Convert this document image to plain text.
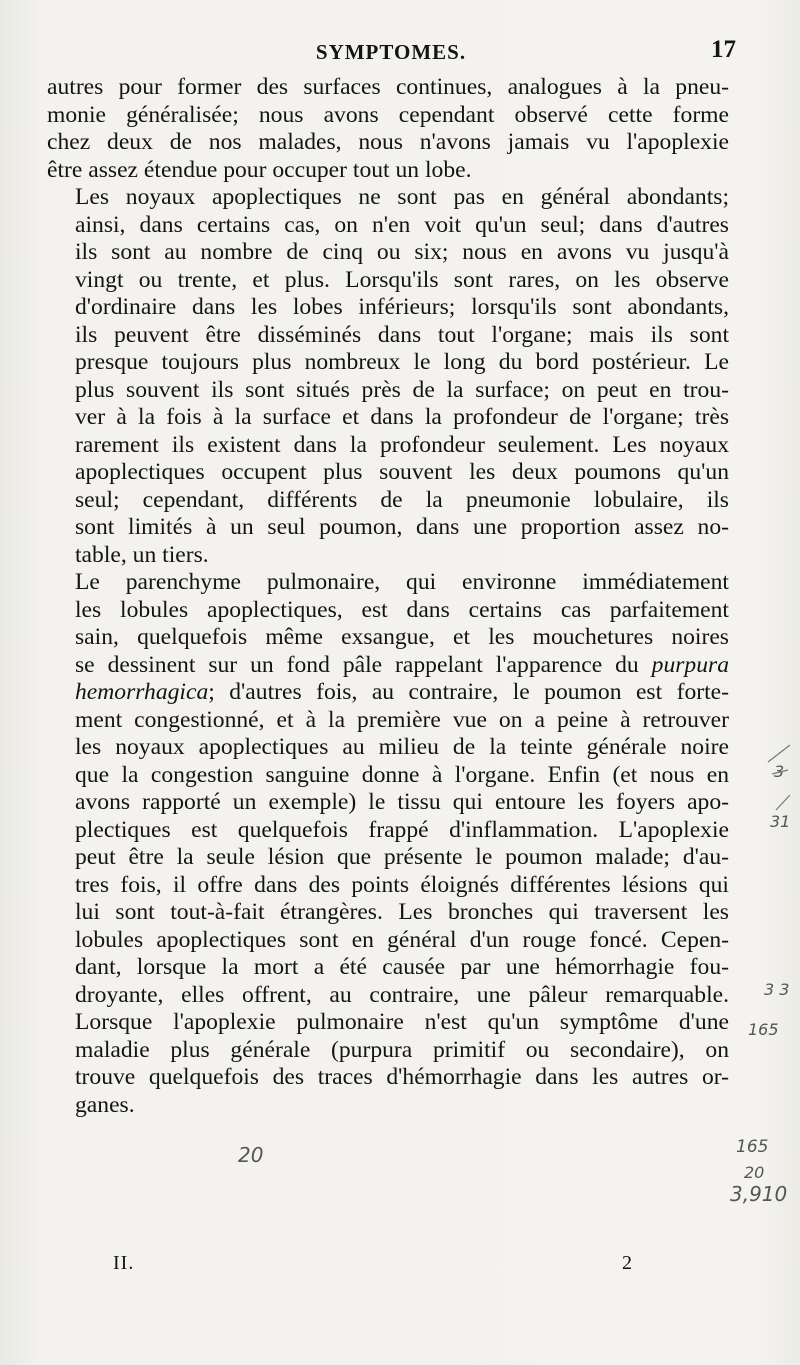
SYMPTOMES.	17

autres pour former des surfaces continues, analogues à la pneu-
monie généralisée; nous avons cependant observé cette forme
chez deux de nos malades, nous n'avons jamais vu l'apoplexie
être assez étendue pour occuper tout un lobe.

Les noyaux apoplectiques ne sont pas en général abondants;
ainsi, dans certains cas, on n'en voit qu'un seul; dans d'autres
ils sont au nombre de cinq ou six; nous en avons vu jusqu'à
vingt ou trente, et plus. Lorsqu'ils sont rares, on les observe
d'ordinaire dans les lobes inférieurs; lorsqu'ils sont abondants,
ils peuvent être disséminés dans tout l'organe; mais ils sont
presque toujours plus nombreux le long du bord postérieur. Le
plus souvent ils sont situés près de la surface; on peut en trou-
ver à la fois à la surface et dans la profondeur de l'organe; très
rarement ils existent dans la profondeur seulement. Les noyaux
apoplectiques occupent plus souvent les deux poumons qu'un
seul; cependant, différents de la pneumonie lobulaire, ils
sont limités à un seul poumon, dans une proportion assez no-
table, un tiers.

Le parenchyme pulmonaire, qui environne immédiatement
les lobules apoplectiques, est dans certains cas parfaitement
sain, quelquefois même exsangue, et les mouchetures noires
se dessinent sur un fond pâle rappelant l'apparence du purpura
hemorrhagica; d'autres fois, au contraire, le poumon est forte-
ment congestionné, et à la première vue on a peine à retrouver
les noyaux apoplectiques au milieu de la teinte générale noire
que la congestion sanguine donne à l'organe. Enfin (et nous en
avons rapporté un exemple) le tissu qui entoure les foyers apo-
plectiques est quelquefois frappé d'inflammation. L'apoplexie
peut être la seule lésion que présente le poumon malade; d'au-
tres fois, il offre dans des points éloignés différentes lésions qui
lui sont tout-à-fait étrangères. Les bronches qui traversent les
lobules apoplectiques sont en général d'un rouge foncé. Cepen-
dant, lorsque la mort a été causée par une hémorrhagie fou-
droyante, elles offrent, au contraire, une pâleur remarquable.
Lorsque l'apoplexie pulmonaire n'est qu'un symptôme d'une
maladie plus générale (purpura primitif ou secondaire), on
trouve quelquefois des traces d'hémorrhagie dans les autres or-
ganes.

20
3
31
3 3
165
165
20
3,910
II.	2
